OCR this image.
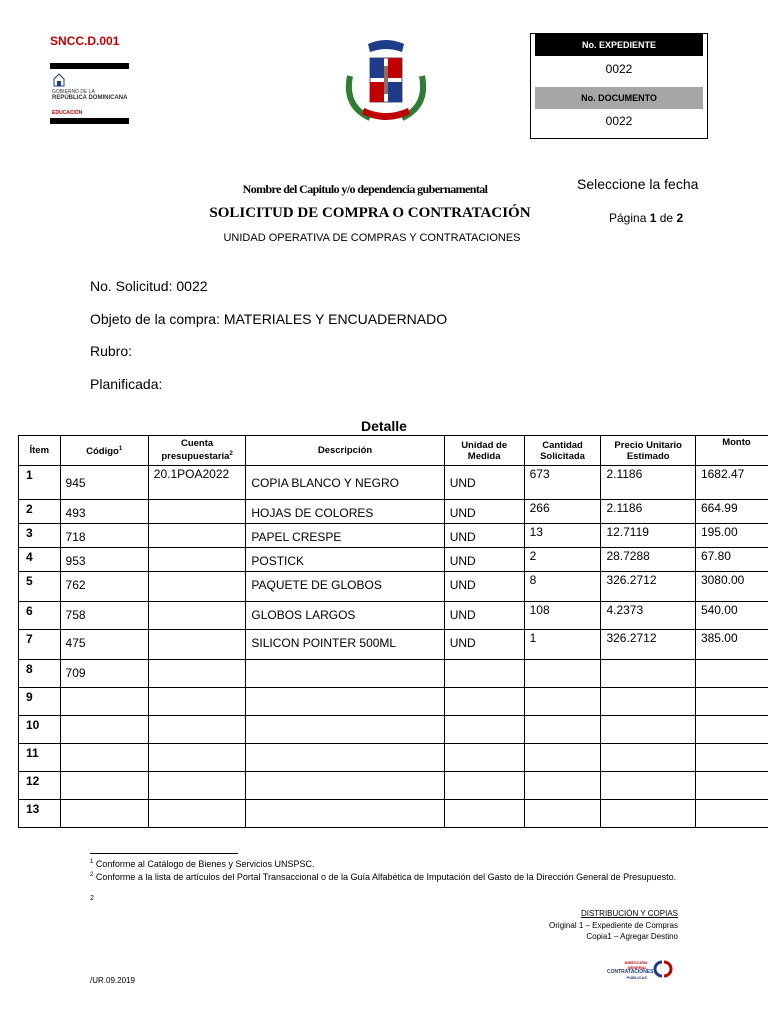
SNCC.D.001
GOBIERNO DE LA
REPÚBLICA DOMINICANA
EDUCACIÓN
No. EXPEDIENTE
0022
No. DOCUMENTO
0022
Nombre del Capitulo y/o dependencia gubernamental
SOLICITUD DE COMPRA O CONTRATACIÓN
UNIDAD OPERATIVA DE COMPRAS Y CONTRATACIONES
Seleccione la fecha
Página 1 de 2
No. Solicitud: 0022
Objeto de la compra: MATERIALES Y ENCUADERNADO
Rubro:
Planificada:
Detalle
Ítem	Código$^1$	Cuenta presupuestaria$^2$	Descripción	Unidad de Medida	Cantidad Solicitada	Precio Unitario Estimado	Monto
1	945	20.1POA2022	COPIA BLANCO Y NEGRO	UND	673	2.1186	1682.47

2	493		HOJAS DE COLORES	UND	266	2.1186	664.99

3	718		PAPEL CRESPE	UND	13	12.7119	195.00

4	953		POSTICK	UND	2	28.7288	67.80

5	762		PAQUETE DE GLOBOS	UND	8	326.2712	3080.00

6	758		GLOBOS LARGOS	UND	108	4.2373	540.00

7	475		SILICON POINTER 500ML	UND	1	326.2712	385.00

8	709						

9	

10	

11	

12	

13	

$^1$ Conforme al Catálogo de Bienes y Servicios UNSPSC.
$^2$ Conforme a la lista de artículos del Portal Transaccional o de la Guía Alfabética de Imputación del Gasto de la Dirección General de Presupuesto.
2
DISTRIBUCIÓN Y COPIAS
Original 1 – Expediente de Compras
Copia1 – Agregar Destino
DIRECCIÓN GENERAL
CONTRATACIONES
PÚBLICAS
/UR.09.2019
